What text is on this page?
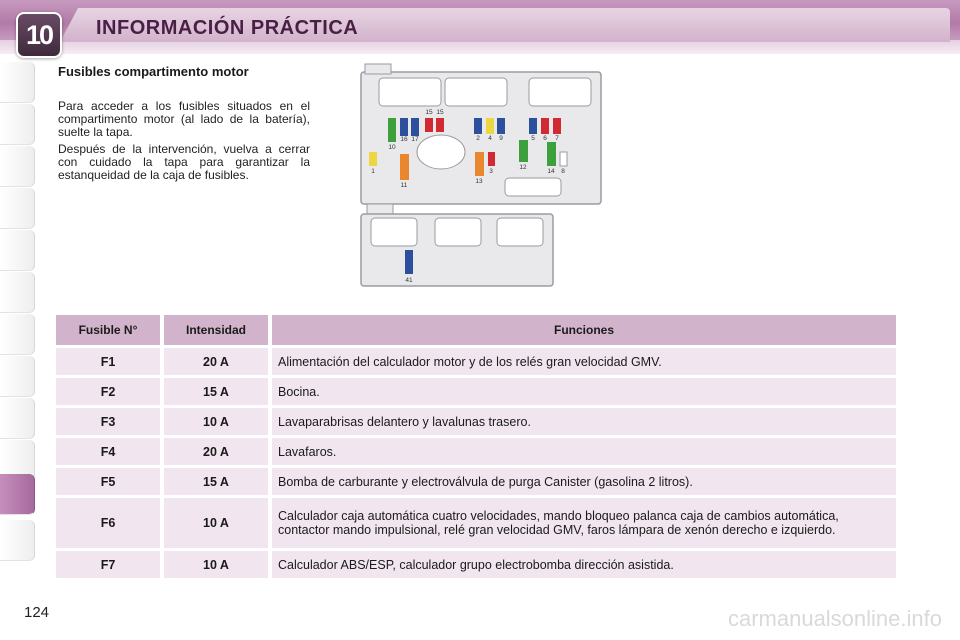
10	INFORMACIÓN PRÁCTICA
Fusibles compartimento motor
Para acceder a los fusibles situados en el compartimento motor (al lado de la batería), suelte la tapa.
Después de la intervención, vuelva a cerrar con cuidado la tapa para garantizar la estanqueidad de la caja de fusibles.
15 15
10
16 17	2 4 9	5 6 7
1
11
13
3
12
14 8
41
Fusible N°	Intensidad	Funciones
F1	20 A	Alimentación del calculador motor y de los relés gran velocidad GMV.
F2	15 A	Bocina.
F3	10 A	Lavaparabrisas delantero y lavalunas trasero.
F4	20 A	Lavafaros.
F5	15 A	Bomba de carburante y electroválvula de purga Canister (gasolina 2 litros).
F6	10 A	Calculador caja automática cuatro velocidades, mando bloqueo palanca caja de cambios automática, contactor mando impulsional, relé gran velocidad GMV, faros lámpara de xenón derecho e izquierdo.
F7	10 A	Calculador ABS/ESP, calculador grupo electrobomba dirección asistida.
124	carmanualsonline.info
